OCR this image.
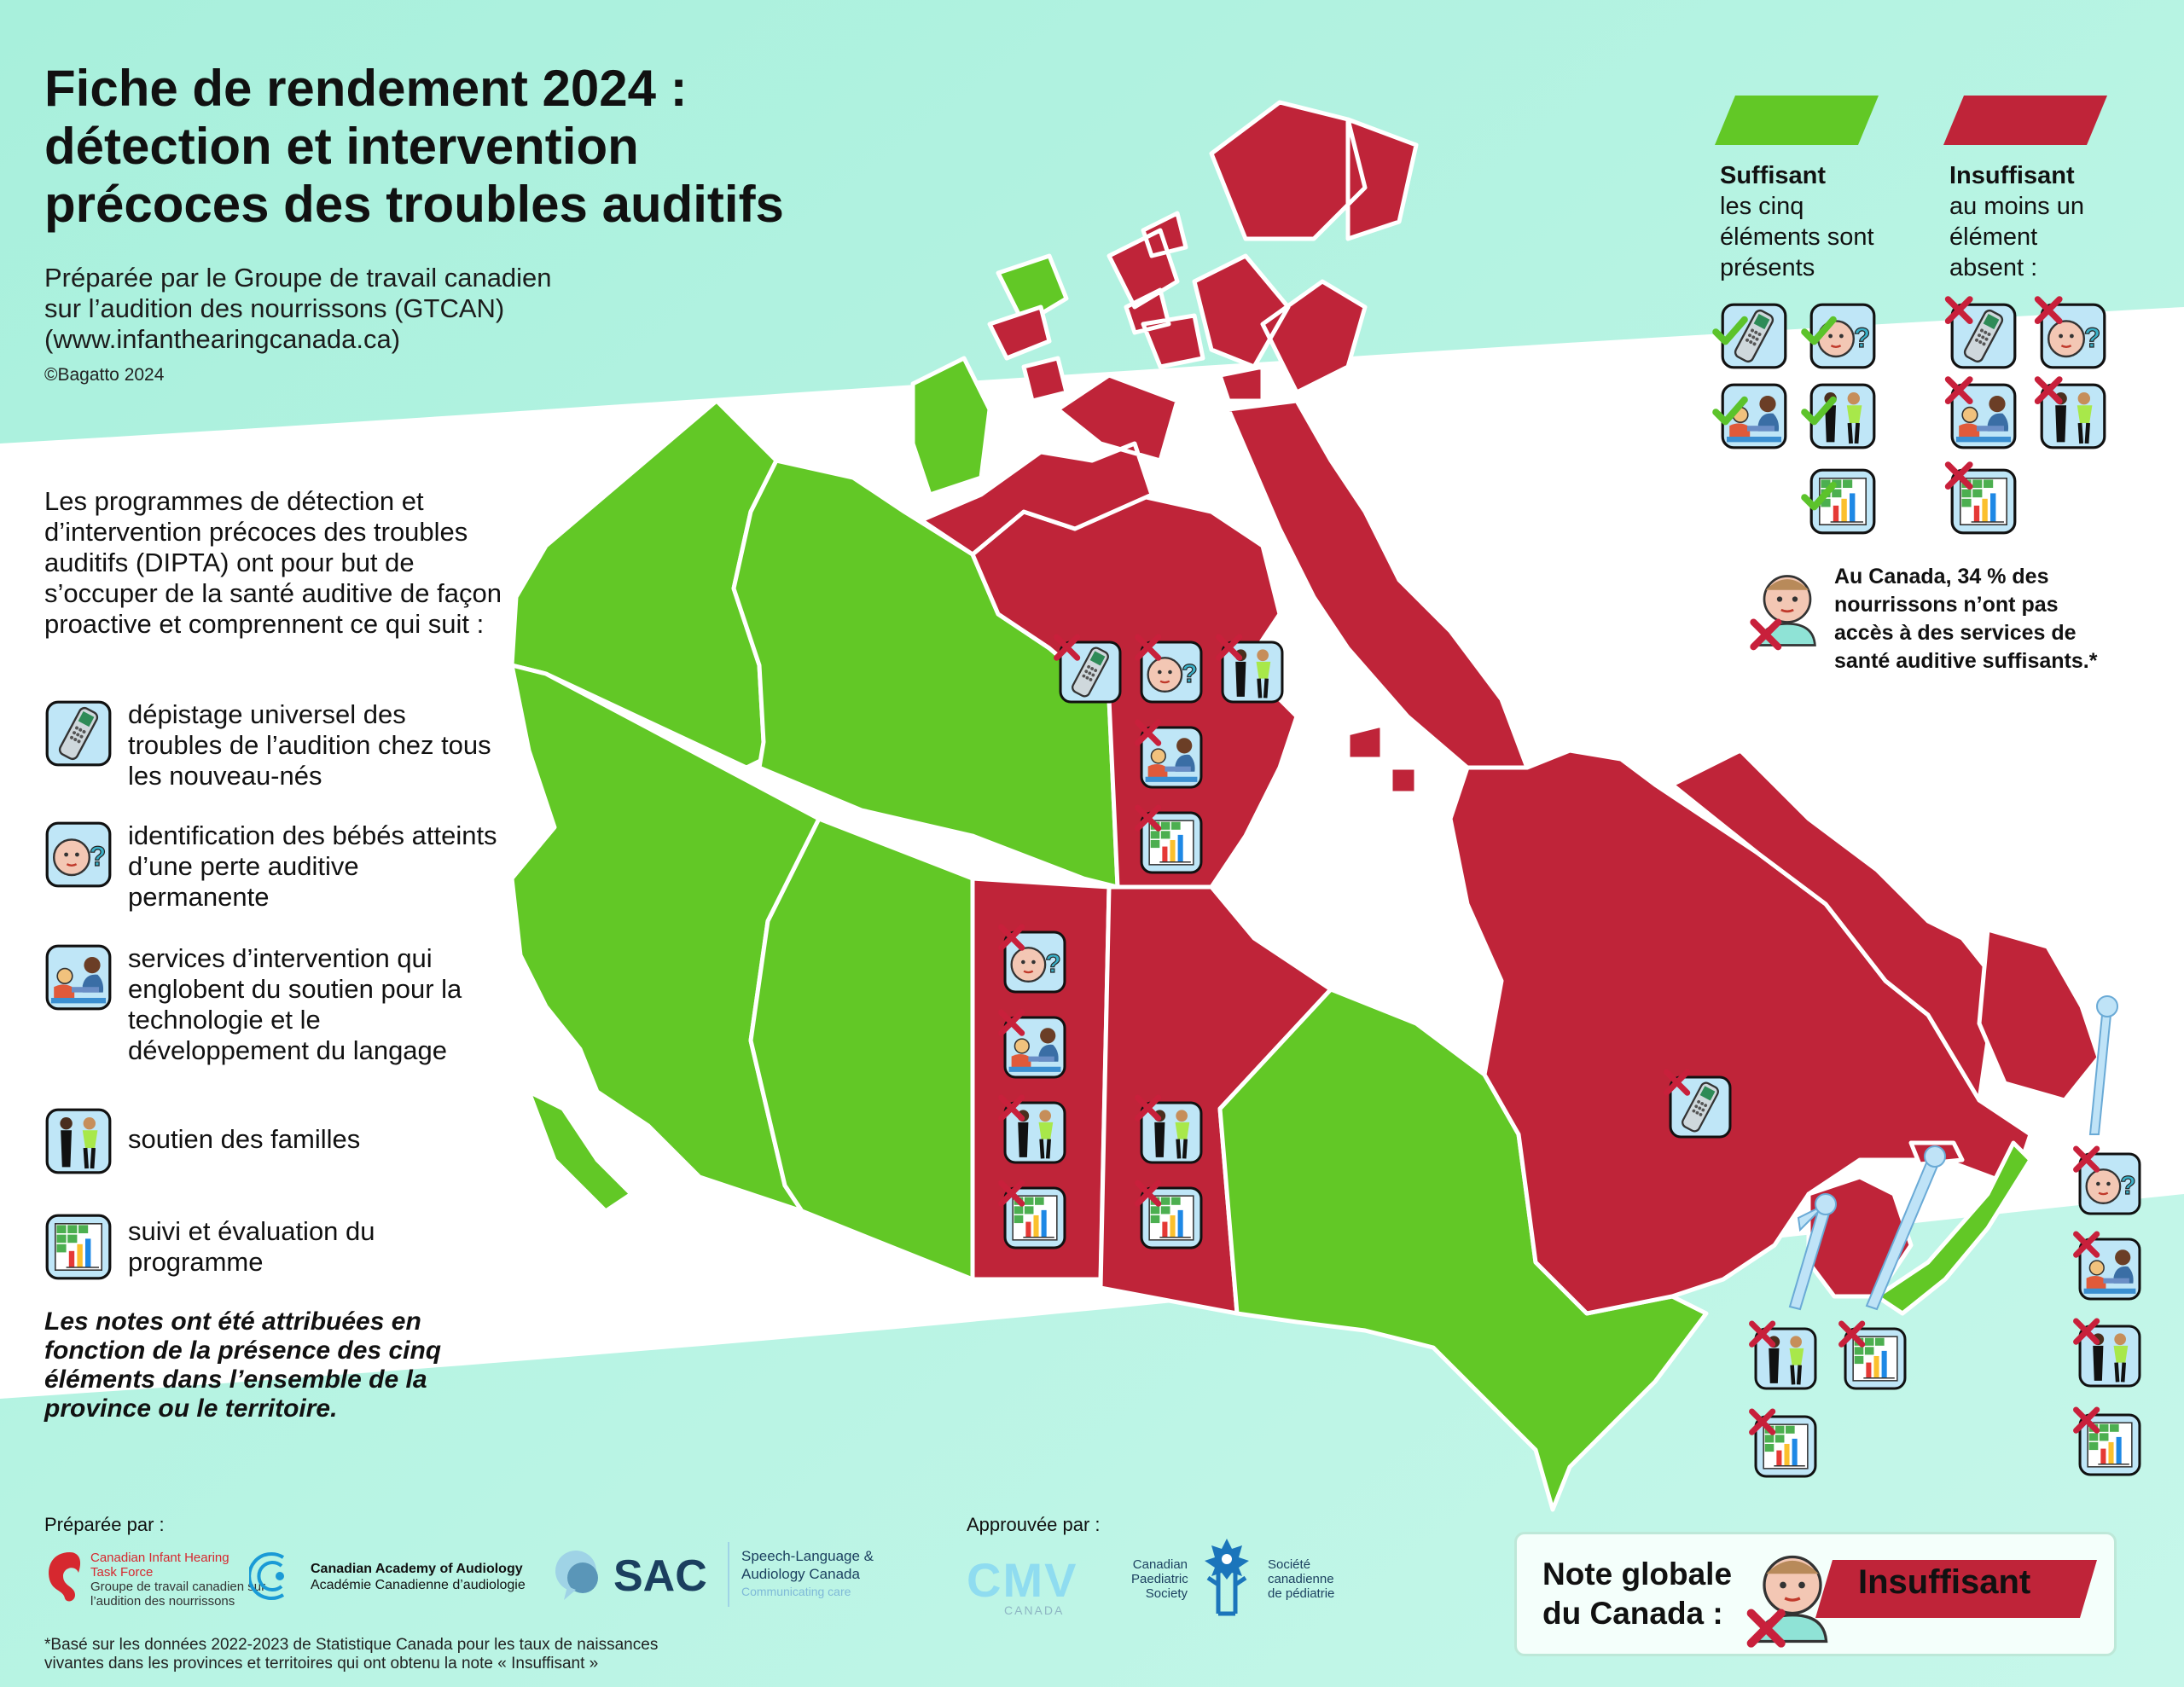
Fiche de rendement 2024 :
détection et intervention
précoces des troubles auditifs
Préparée par le Groupe de travail canadien
sur l’audition des nourrissons (GTCAN)
(www.infanthearingcanada.ca)
©Bagatto 2024
Les programmes de détection et d’intervention précoces des troubles auditifs (DIPTA) ont pour but de s’occuper de la santé auditive de façon proactive et comprennent ce qui suit :
dépistage universel des troubles de l’audition chez tous les nouveau-nés
?
identification des bébés atteints d’une perte auditive permanente
services d’intervention qui englobent du soutien pour la technologie et le développement du langage
soutien des familles
suivi et évaluation du programme
Les notes ont été attribuées en fonction de la présence des cinq éléments dans l’ensemble de la province ou le territoire.
Suffisant
les cinq
éléments sont
présents
Insuffisant
au moins un
élément
absent :
?	?
Au Canada, 34 % des nourrissons n’ont pas accès à des services de santé auditive suffisants.*
?
?
?
Préparée par :	Approuvée par :
Canadian Infant Hearing
Task Force
Groupe de travail canadien sur
l’audition des nourrissons
Canadian Academy of Audiology
Académie Canadienne d’audiologie SAC Speech-Language &
Audiology Canada
Communicating care	CMV
CANADA
Canadian
Paediatric
Society
Société
canadienne
de pédiatrie
*Basé sur les données 2022-2023 de Statistique Canada pour les taux de naissances
vivantes dans les provinces et territoires qui ont obtenu la note « Insuffisant »
Note globale
du Canada :
Insuffisant
